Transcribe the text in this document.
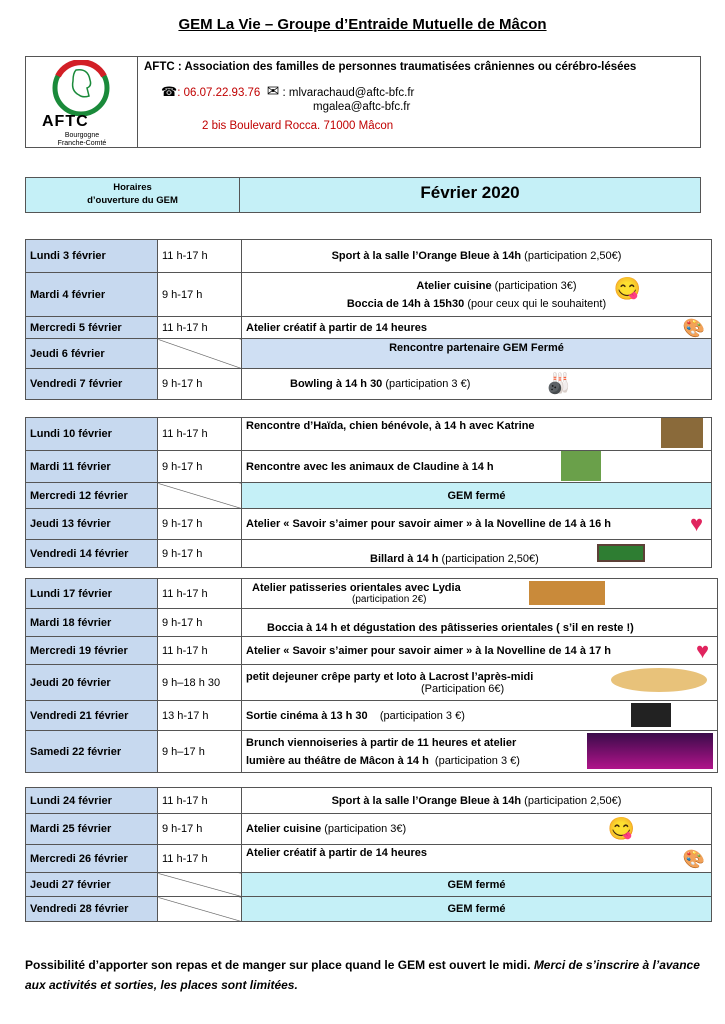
GEM La Vie – Groupe d’Entraide Mutuelle de Mâcon
AFTC
Bourgogne
Franche-Comté
AFTC : Association des familles de personnes traumatisées crâniennes ou cérébro-lésées
☎: 06.07.22.93.76 ✉ : mlvarachaud@aftc-bfc.fr
mgalea@aftc-bfc.fr
2 bis Boulevard Rocca. 71000 Mâcon
Horaires
d’ouverture du GEM	Février 2020
Lundi 3 février	11 h-17 h	Sport à la salle l’Orange Bleue à 14h (participation 2,50€)
Mardi 4 février	9 h-17 h	Atelier cuisine (participation 3€)
Boccia de 14h à 15h30 (pour ceux qui le souhaitent)
😋

Mercredi 5 février	11 h-17 h	Atelier créatif à partir de 14 heures 🎨

Jeudi 6 février		Rencontre partenaire GEM Fermé
Vendredi 7 février	9 h-17 h	Bowling à 14 h 30 (participation 3 €) 🎳
Lundi 10 février	11 h-17 h	Rencontre d’Haïda, chien bénévole, à 14 h avec Katrine

Mardi 11 février	9 h-17 h	Rencontre avec les animaux de Claudine à 14 h

Mercredi 12 février		GEM fermé
Jeudi 13 février	9 h-17 h	Atelier « Savoir s’aimer pour savoir aimer » à la Novelline de 14 à 16 h ♥

Vendredi 14 février	9 h-17 h	Billard à 14 h (participation 2,50€)
Lundi 17 février	11 h-17 h	Atelier patisseries orientales avec Lydia
(participation 2€)

Mardi 18 février	9 h-17 h	Boccia à 14 h et dégustation des pâtisseries orientales ( s’il en reste !)
Mercredi 19 février	11 h-17 h	Atelier « Savoir s’aimer pour savoir aimer » à la Novelline de 14 à 17 h ♥

Jeudi 20 février	9 h–18 h 30	petit dejeuner crêpe party et loto à Lacrost l’après-midi
(Participation 6€)

Vendredi 21 février	13 h-17 h	Sortie cinéma à 13 h 30    (participation 3 €)

Samedi 22 février	9 h–17 h	Brunch viennoiseries à partir de 11 heures et atelier
lumière au théâtre de Mâcon à 14 h  (participation 3 €)
Lundi 24 février	11 h-17 h	Sport à la salle l’Orange Bleue à 14h (participation 2,50€)
Mardi 25 février	9 h-17 h	Atelier cuisine (participation 3€) 😋

Mercredi 26 février	11 h-17 h	Atelier créatif à partir de 14 heures 🎨

Jeudi 27 février		GEM fermé
Vendredi 28 février		GEM fermé
Possibilité d’apporter son repas et de manger sur place quand le GEM est ouvert le midi. Merci de s’inscrire à l’avance aux activités et sorties, les places sont limitées.
